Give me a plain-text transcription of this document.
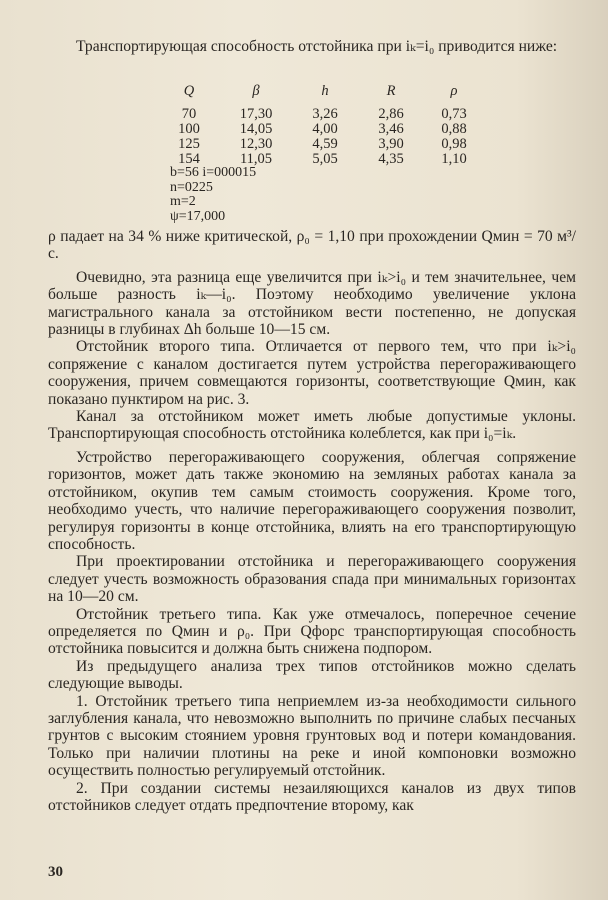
Транспортирующая способность отстойника при iₖ=i₀ приводится ниже:

Q	β	h	R	ρ
70	17,30	3,26	2,86	0,73
100	14,05	4,00	3,46	0,88
125	12,30	4,59	3,90	0,98
154	11,05	5,05	4,35	1,10
b=56 i=000015
n=0225
m=2
ψ=17,000

ρ падает на 34 % ниже критической, ρ₀ = 1,10 при прохождении Qмин = 70 м³/с.

Очевидно, эта разница еще увеличится при iₖ>i₀ и тем значительнее, чем больше разность iₖ—i₀. Поэтому необходимо увеличение уклона магистрального канала за отстойником вести постепенно, не допуская разницы в глубинах Δh больше 10—15 см.

Отстойник второго типа. Отличается от первого тем, что при iₖ>i₀ сопряжение с каналом достигается путем устройства перегораживающего сооружения, причем совмещаются горизонты, соответствующие Qмин, как показано пунктиром на рис. 3.

Канал за отстойником может иметь любые допустимые уклоны. Транспортирующая способность отстойника колеблется, как при i₀=iₖ.

Устройство перегораживающего сооружения, облегчая сопряжение горизонтов, может дать также экономию на земляных работах канала за отстойником, окупив тем самым стоимость сооружения. Кроме того, необходимо учесть, что наличие перегораживающего сооружения позволит, регулируя горизонты в конце отстойника, влиять на его транспортирующую способность.

При проектировании отстойника и перегораживающего сооружения следует учесть возможность образования спада при минимальных горизонтах на 10—20 см.

Отстойник третьего типа. Как уже отмечалось, поперечное сечение определяется по Qмин и ρ₀. При Qфорс транспортирующая способность отстойника повысится и должна быть снижена подпором.

Из предыдущего анализа трех типов отстойников можно сделать следующие выводы.

1. Отстойник третьего типа неприемлем из-за необходимости сильного заглубления канала, что невозможно выполнить по причине слабых песчаных грунтов с высоким стоянием уровня грунтовых вод и потери командования. Только при наличии плотины на реке и иной компоновки возможно осуществить полностью регулируемый отстойник.

2. При создании системы незаиляющихся каналов из двух типов отстойников следует отдать предпочтение второму, как

30
